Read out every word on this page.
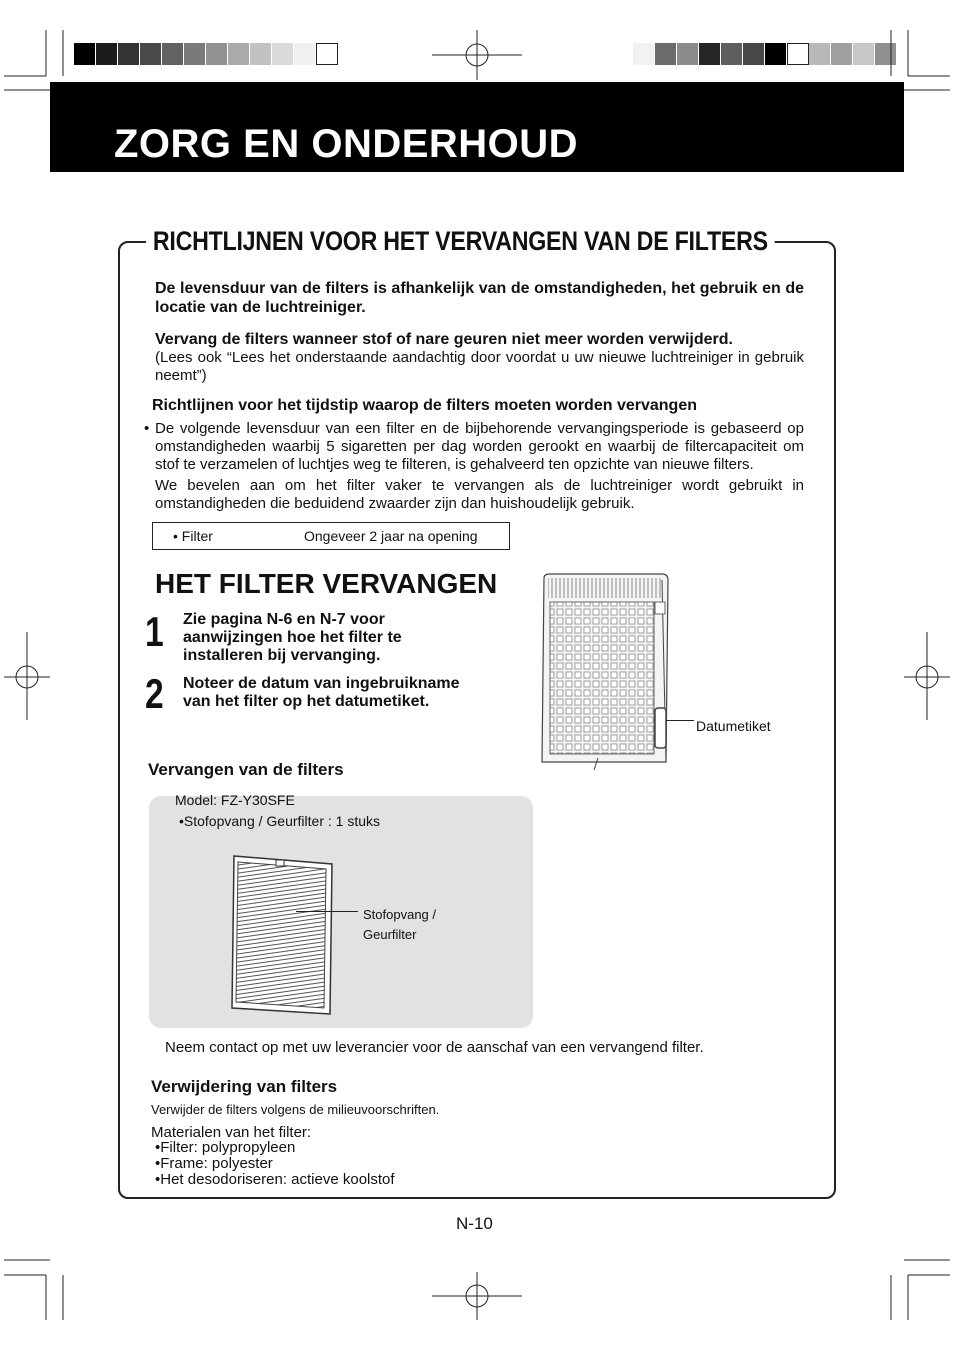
ZORG EN ONDERHOUD
RICHTLIJNEN VOOR HET VERVANGEN VAN DE FILTERS
De levensduur van de filters is afhankelijk van de omstandigheden, het gebruik en de locatie van de luchtreiniger.
Vervang de filters wanneer stof of nare geuren niet meer worden verwijderd.
(Lees ook “Lees het onderstaande aandachtig door voordat u uw nieuwe luchtreiniger in gebruik neemt”)
Richtlijnen voor het tijdstip waarop de filters moeten worden vervangen
• De volgende levensduur van een filter en de bijbehorende vervangingsperiode is gebaseerd op omstandigheden waarbij 5 sigaretten per dag worden gerookt en waarbij de filtercapaciteit om stof te verzamelen of luchtjes weg te filteren, is gehalveerd ten opzichte van nieuwe filters.
We bevelen aan om het filter vaker te vervangen als de luchtreiniger wordt gebruikt in omstandigheden die beduidend zwaarder zijn dan huishoudelijk gebruik.
• Filter	Ongeveer 2 jaar na opening
HET FILTER VERVANGEN
1 Zie pagina N-6 en N-7 voor aanwijzingen hoe het filter te installeren bij vervanging.
2 Noteer de datum van ingebruikname van het filter op het datumetiket.
Datumetiket
Vervangen van de filters
Model: FZ-Y30SFE
•Stofopvang / Geurfilter : 1 stuks
Stofopvang /
Geurfilter
Neem contact op met uw leverancier voor de aanschaf van een vervangend filter.
Verwijdering van filters
Verwijder de filters volgens de milieuvoorschriften.
Materialen van het filter:
•Filter: polypropyleen
•Frame: polyester
•Het desodoriseren: actieve koolstof
N-10
